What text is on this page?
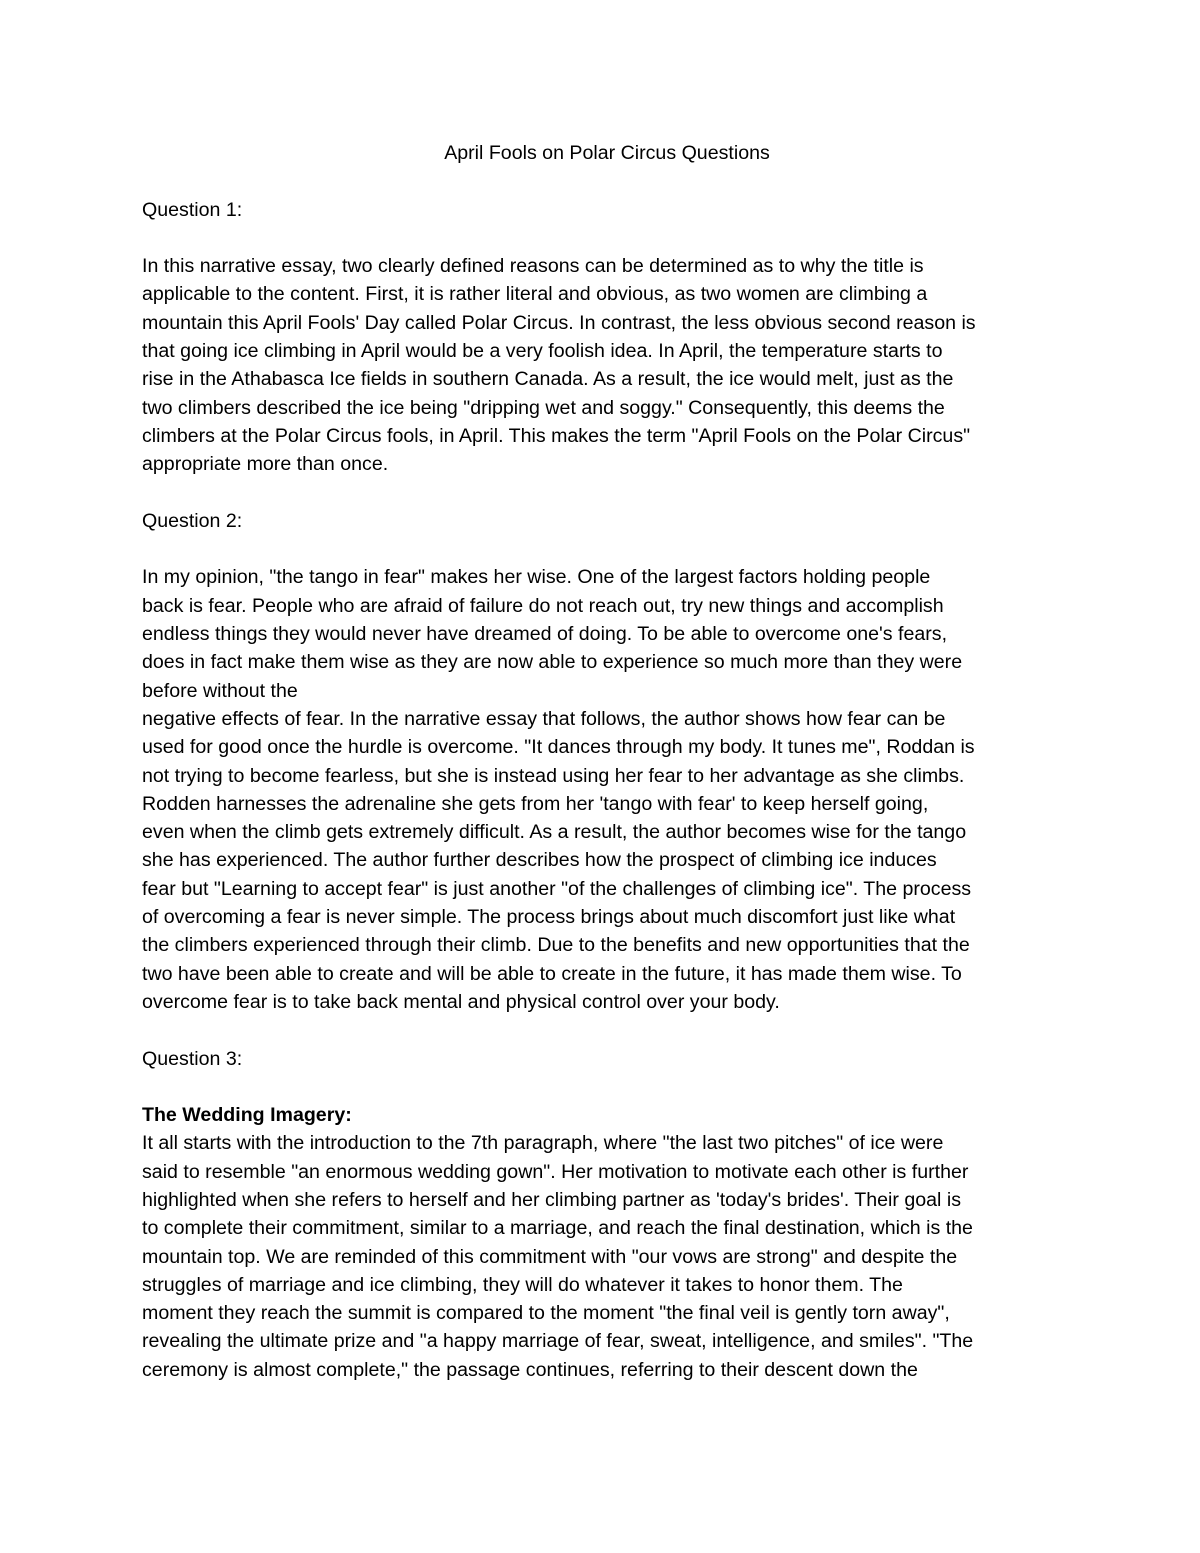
April Fools on Polar Circus Questions
Question 1:
In this narrative essay, two clearly defined reasons can be determined as to why the title is
applicable to the content. First, it is rather literal and obvious, as two women are climbing a
mountain this April Fools' Day called Polar Circus. In contrast, the less obvious second reason is
that going ice climbing in April would be a very foolish idea. In April, the temperature starts to
rise in the Athabasca Ice fields in southern Canada. As a result, the ice would melt, just as the
two climbers described the ice being "dripping wet and soggy." Consequently, this deems the
climbers at the Polar Circus fools, in April. This makes the term "April Fools on the Polar Circus"
appropriate more than once.
Question 2:
In my opinion, "the tango in fear" makes her wise. One of the largest factors holding people
back is fear. People who are afraid of failure do not reach out, try new things and accomplish
endless things they would never have dreamed of doing. To be able to overcome one's fears,
does in fact make them wise as they are now able to experience so much more than they were
before without the
negative effects of fear. In the narrative essay that follows, the author shows how fear can be
used for good once the hurdle is overcome. "It dances through my body. It tunes me", Roddan is
not trying to become fearless, but she is instead using her fear to her advantage as she climbs.
Rodden harnesses the adrenaline she gets from her 'tango with fear' to keep herself going,
even when the climb gets extremely difficult. As a result, the author becomes wise for the tango
she has experienced. The author further describes how the prospect of climbing ice induces
fear but "Learning to accept fear" is just another "of the challenges of climbing ice". The process
of overcoming a fear is never simple. The process brings about much discomfort just like what
the climbers experienced through their climb. Due to the benefits and new opportunities that the
two have been able to create and will be able to create in the future, it has made them wise. To
overcome fear is to take back mental and physical control over your body.
Question 3:
The Wedding Imagery:
It all starts with the introduction to the 7th paragraph, where "the last two pitches" of ice were
said to resemble "an enormous wedding gown". Her motivation to motivate each other is further
highlighted when she refers to herself and her climbing partner as 'today's brides'. Their goal is
to complete their commitment, similar to a marriage, and reach the final destination, which is the
mountain top. We are reminded of this commitment with "our vows are strong" and despite the
struggles of marriage and ice climbing, they will do whatever it takes to honor them. The
moment they reach the summit is compared to the moment "the final veil is gently torn away",
revealing the ultimate prize and "a happy marriage of fear, sweat, intelligence, and smiles". "The
ceremony is almost complete," the passage continues, referring to their descent down the
